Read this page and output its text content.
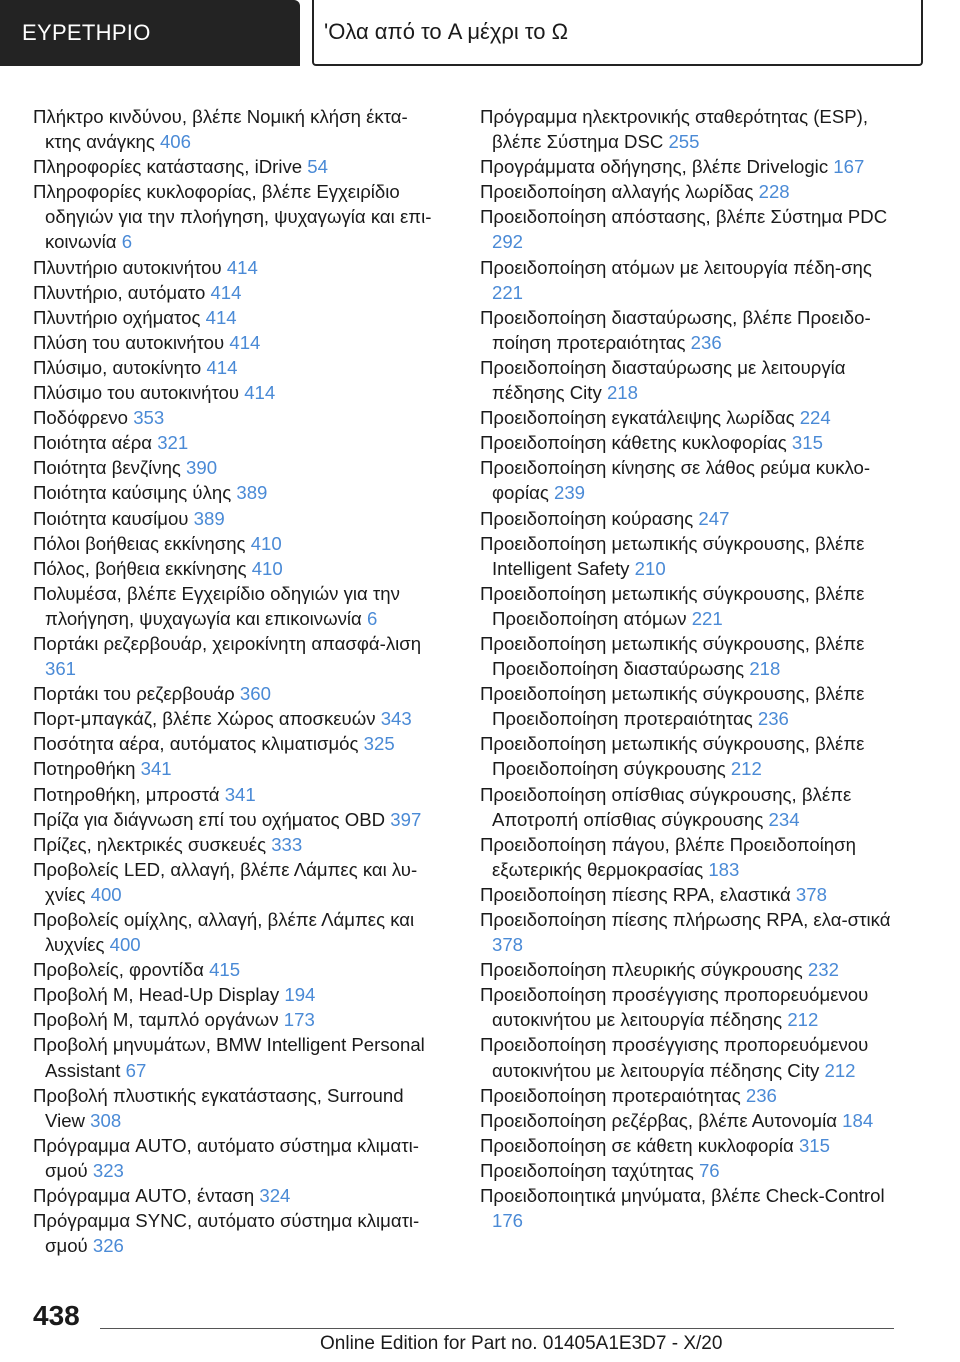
ΕΥΡΕΤΗΡΙΟ	'Ολα από το A μέχρι το Ω

Πλήκτρο κινδύνου, βλέπε Νομική κλήση έκτα‐κτης ανάγκης 406

Πληροφορίες κατάστασης, iDrive 54

Πληροφορίες κυκλοφορίας, βλέπε Εγχειρίδιο οδηγιών για την πλοήγηση, ψυχαγωγία και επι‐κοινωνία 6

Πλυντήριο αυτοκινήτου 414

Πλυντήριο, αυτόματο 414

Πλυντήριο οχήματος 414

Πλύση του αυτοκινήτου 414

Πλύσιμο, αυτοκίνητο 414

Πλύσιμο του αυτοκινήτου 414

Ποδόφρενο 353

Ποιότητα αέρα 321

Ποιότητα βενζίνης 390

Ποιότητα καύσιμης ύλης 389

Ποιότητα καυσίμου 389

Πόλοι βοήθειας εκκίνησης 410

Πόλος, βοήθεια εκκίνησης 410

Πολυμέσα, βλέπε Εγχειρίδιο οδηγιών για την πλοήγηση, ψυχαγωγία και επικοινωνία 6

Πορτάκι ρεζερβουάρ, χειροκίνητη απασφά‐λιση 361

Πορτάκι του ρεζερβουάρ 360

Πορτ-μπαγκάζ, βλέπε Χώρος αποσκευών 343

Ποσότητα αέρα, αυτόματος κλιματισμός 325

Ποτηροθήκη 341

Ποτηροθήκη, μπροστά 341

Πρίζα για διάγνωση επί του οχήματος OBD 397

Πρίζες, ηλεκτρικές συσκευές 333

Προβολείς LED, αλλαγή, βλέπε Λάμπες και λυ‐χνίες 400

Προβολείς ομίχλης, αλλαγή, βλέπε Λάμπες και λυχνίες 400

Προβολείς, φροντίδα 415

Προβολή M, Head-Up Display 194

Προβολή M, ταμπλό οργάνων 173

Προβολή μηνυμάτων, BMW Intelligent Personal Assistant 67

Προβολή πλυστικής εγκατάστασης, Surround View 308

Πρόγραμμα AUTO, αυτόματο σύστημα κλιματι‐σμού 323

Πρόγραμμα AUTO, ένταση 324

Πρόγραμμα SYNC, αυτόματο σύστημα κλιματι‐σμού 326

Πρόγραμμα ηλεκτρονικής σταθερότητας (ESP), βλέπε Σύστημα DSC 255

Προγράμματα οδήγησης, βλέπε Drivelogic 167

Προειδοποίηση αλλαγής λωρίδας 228

Προειδοποίηση απόστασης, βλέπε Σύστημα PDC 292

Προειδοποίηση ατόμων με λειτουργία πέδη‐σης 221

Προειδοποίηση διασταύρωσης, βλέπε Προειδο‐ποίηση προτεραιότητας 236

Προειδοποίηση διασταύρωσης με λειτουργία πέδησης City 218

Προειδοποίηση εγκατάλειψης λωρίδας 224

Προειδοποίηση κάθετης κυκλοφορίας 315

Προειδοποίηση κίνησης σε λάθος ρεύμα κυκλο‐φορίας 239

Προειδοποίηση κούρασης 247

Προειδοποίηση μετωπικής σύγκρουσης, βλέπε Intelligent Safety 210

Προειδοποίηση μετωπικής σύγκρουσης, βλέπε Προειδοποίηση ατόμων 221

Προειδοποίηση μετωπικής σύγκρουσης, βλέπε Προειδοποίηση διασταύρωσης 218

Προειδοποίηση μετωπικής σύγκρουσης, βλέπε Προειδοποίηση προτεραιότητας 236

Προειδοποίηση μετωπικής σύγκρουσης, βλέπε Προειδοποίηση σύγκρουσης 212

Προειδοποίηση οπίσθιας σύγκρουσης, βλέπε Αποτροπή οπίσθιας σύγκρουσης 234

Προειδοποίηση πάγου, βλέπε Προειδοποίηση εξωτερικής θερμοκρασίας 183

Προειδοποίηση πίεσης RPA, ελαστικά 378

Προειδοποίηση πίεσης πλήρωσης RPA, ελα‐στικά 378

Προειδοποίηση πλευρικής σύγκρουσης 232

Προειδοποίηση προσέγγισης προπορευόμενου αυτοκινήτου με λειτουργία πέδησης 212

Προειδοποίηση προσέγγισης προπορευόμενου αυτοκινήτου με λειτουργία πέδησης City 212

Προειδοποίηση προτεραιότητας 236

Προειδοποίηση ρεζέρβας, βλέπε Αυτονομία 184

Προειδοποίηση σε κάθετη κυκλοφορία 315

Προειδοποίηση ταχύτητας 76

Προειδοποιητικά μηνύματα, βλέπε Check-Control 176

438
Online Edition for Part no. 01405A1E3D7 - X/20
